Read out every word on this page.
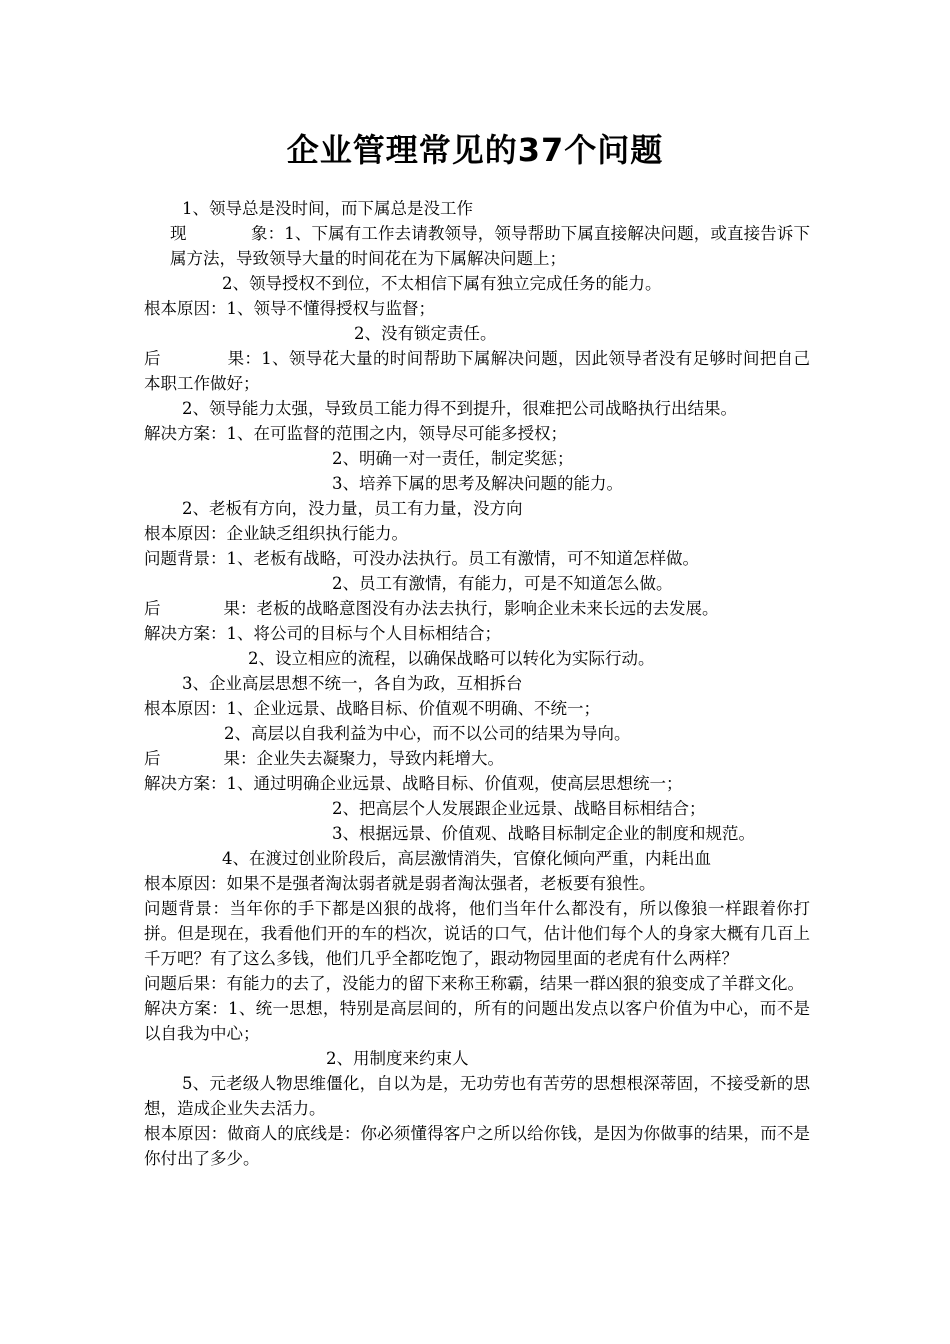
企业管理常见的37个问题

1、领导总是没时间，而下属总是没工作

现            象：1、下属有工作去请教领导，领导帮助下属直接解决问题，或直接告诉下属方法，导致领导大量的时间花在为下属解决问题上；

2、领导授权不到位，不太相信下属有独立完成任务的能力。

根本原因：1、领导不懂得授权与监督；

2、没有锁定责任。

后            果：1、领导花大量的时间帮助下属解决问题，因此领导者没有足够时间把自己本职工作做好；

2、领导能力太强，导致员工能力得不到提升，很难把公司战略执行出结果。

解决方案：1、在可监督的范围之内，领导尽可能多授权；

2、明确一对一责任，制定奖惩；

3、培养下属的思考及解决问题的能力。

2、老板有方向，没力量，员工有力量，没方向

根本原因：企业缺乏组织执行能力。

问题背景：1、老板有战略，可没办法执行。员工有激情，可不知道怎样做。

2、员工有激情，有能力，可是不知道怎么做。

后            果：老板的战略意图没有办法去执行，影响企业未来长远的去发展。

解决方案：1、将公司的目标与个人目标相结合；

2、设立相应的流程，以确保战略可以转化为实际行动。

3、企业高层思想不统一，各自为政，互相拆台

根本原因：1、企业远景、战略目标、价值观不明确、不统一；

2、高层以自我利益为中心，而不以公司的结果为导向。

后            果：企业失去凝聚力，导致内耗增大。

解决方案：1、通过明确企业远景、战略目标、价值观，使高层思想统一；

2、把高层个人发展跟企业远景、战略目标相结合；

3、根据远景、价值观、战略目标制定企业的制度和规范。

4、在渡过创业阶段后，高层激情消失，官僚化倾向严重，内耗出血

根本原因：如果不是强者淘汰弱者就是弱者淘汰强者，老板要有狼性。

问题背景：当年你的手下都是凶狠的战将，他们当年什么都没有，所以像狼一样跟着你打拼。但是现在，我看他们开的车的档次，说话的口气，估计他们每个人的身家大概有几百上千万吧？有了这么多钱，他们几乎全都吃饱了，跟动物园里面的老虎有什么两样？

问题后果：有能力的去了，没能力的留下来称王称霸，结果一群凶狠的狼变成了羊群文化。

解决方案：1、统一思想，特别是高层间的，所有的问题出发点以客户价值为中心，而不是以自我为中心；

2、用制度来约束人

5、元老级人物思维僵化，自以为是，无功劳也有苦劳的思想根深蒂固，不接受新的思想，造成企业失去活力。

根本原因：做商人的底线是：你必须懂得客户之所以给你钱，是因为你做事的结果，而不是你付出了多少。
